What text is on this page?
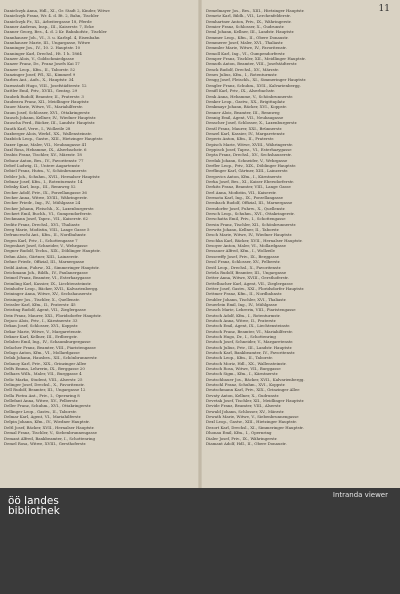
11
Danielczyk Anna, Hdl., XI., Gr. Stadt 2, Kinder, Witwe
Danielczyk Franz, Wr. 4. d. Bt. 2, Bahn, Tischler
Danielczyk Fr., XI., Arbeitergasse 18, Pferde
Danner Andreas, Insp., III., Kaiserstr. 7, Ecke
Danner Georg, Bes., 4. d. 2 Kr. Bahnhofstr., Tischler
Dannhauser Joh., VI., 3. u. Karlspl. 4, Eisenbahn
Dannhauser Marie, III., Ungargasse, Witwe
Danninger Jos., IV., 10. 2. Hauptstr. 10
Danninger Karl, Drechsl., Ht. 1 h. 1864
Danzer Alois, V., Goldschmiedgasse
Danzer Franz, Dr., Franz Josefs Kai 17
Danzer Leop., Kfm., II., Taborstr. 52
Danzinger Josef, Pfl., XI., Kimmerl 9
Darbes Ant., Aufs., X., Hauptstr. 34
Darmstadt Hugo, VIII., Josefstädterstr. 12
Dattler Emil, Priv., XVIII., Gentzg. 29
Daubek Rudolf, Beamter, II., Praterstr. 3
Daubrava Franz, XII., Meidlinger Hauptstr.
Dauer Marie, Witwe, VI., Mariahilferstr.
Daum Josef, Schlosser, XVI., Ottakringerstr.
Dausch Johann, Kellner, IV., Wiedner Hauptstr.
Dauscha Ferd., Bäcker, III., Landstr. Hauptstr.
Dauth Karl, Verw., I., Wollzeile 28
Daxberger Alois, Werkf., XX., Wallensteinstr.
Daxböck Leop., Gastw., XIII., Hietzinger Hauptstr.
Daxer Ignaz, Maler, VII., Neubaugasse 41
Daxl Rosa, Hebamme, IX., Alserbachstr. 6
Deabis Franz, Tischler, XV., Märzstr. 18
Debaur Anton, Bes., IV., Favoritenstr. 77
Debef Ludwig, II., Untere Augartenstr.
Debiel Franz, Hutm., V., Schönbrunnerstr.
Debler Joh., Schuhm., XVII., Hernalser Hauptstr.
Debnar Josef, Kfm., I., Rotenturmstr. 14
Debsky Karl, Insp., III., Rennweg 52
Decker Adolf, Priv., IX., Porzellangasse 36
Decker Anna, Witwe, XVIII., Währingerstr.
Decker Friedr., Ing., IV., Mühlgasse 24
Decker Johann, Fleischh., X., Laxenburgerstr.
Deckert Emil, Buchh., VI., Gumpendorferstr.
Deckmann Josef, Tapez., VII., Kaiserstr. 62
Deditz Franz, Drechsl., XVI., Thaliastr.
Deeg Marie, Modistin, VIII., Lange Gasse 5
Defranceschi Ant., Kfm., II., Nordbahnstr.
Degen Karl, Priv., I., Schottengasse 7
Degenhart Josef, Schneider, V., Wehrgasse
Degner Rudolf, Techn., XIX., Döblinger Hauptstr.
Dehm Alois, Gärtner, XIII., Lainzerstr.
Dehne Friedr., Offizial, III., Marxergasse
Deibl Anton, Fuhrw., XI., Simmeringer Hauptstr.
Deichmann Joh., Bildh., IV., Paulanergasse
Deimel Franz, Beamter, VI., Esterhazygasse
Deimling Karl, Kassier, IX., Liechtensteinstr.
Deinhofer Leop., Bäcker, XVII., Kalvarienbergg.
Deininger Anna, Witwe, XV., Sechshauserstr.
Deisinger Jos., Tischler, X., Quellenstr.
Deissler Karl, Kfm., II., Praterstr. 45
Deisting Rudolf, Agent, VII., Zieglergasse
Deix Franz, Maurer, XXI., Floridsdorfer Hauptstr.
Dejaco Alois, Priv., I., Kärntnerstr. 33
Dekan Josef, Schlosser, XVI., Koppstr.
Dekar Marie, Witwe, V., Margaretenstr.
Dekner Karl, Kellner, III., Erdbergstr.
Delabro Emil, Ing., IV., Schaumburgergasse
Delacher Franz, Beamter, VIII., Piaristengasse
Delago Anton, Kfm., VI., Mollardgasse
Delak Johann, Hausbes., XII., Schönbrunnerstr.
Delanoy Karl, Priv., XIX., Grinzinger Allee
Delfs Emma, Lehrerin, IX., Berggasse 20
Delhaes Wilh., Maler, VII., Burggasse 4
Delic Marko, Student, VIII., Alserstr. 25
Delinger Josef, Drechsl., X., Favoritenstr.
Dell Rudolf, Beamter, III., Ungargasse 12
Della Pietra Ant., Priv., I., Opernring 8
Dellefant Anna, Witwe, XV., Felberstr.
Deller Franz, Schuhm., XVI., Ottakringerstr.
Dellinger Leop., Gastw., II., Taborstr.
Delmar Karl, Agent, VI., Mariahilferstr.
Delpin Johann, Kfm., IV., Wiedner Hauptstr.
Deltl Josef, Bäcker, XVII., Hernalser Hauptstr.
Demal Franz, Tischler, V., Siebenbrunnengasse
Demant Alfred, Bankbeamter, I., Schottenring
Demel Rosa, Witwe, XVIII., Gersthoferstr.
Demelmayer Jos., Bes., XIII., Hietzinger Hauptstr.
Demetz Karl, Bildh., VII., Lerchenfelderstr.
Demhartner Anton, Priv., IX., Währingerstr.
Demier Franz, Schlosser, X., Gudrunstr.
Deml Johann, Kellner, III., Landstr. Hauptstr.
Demmer Leop., Kfm., II., Obere Donaustr.
Demmerer Josef, Maler, XVI., Thaliastr.
Demmler Marie, Witwe, IV., Favoritenstr.
Demoll Karl, Ing., VI., Gumpendorferstr.
Demper Franz, Tischler, XII., Meidlinger Hauptstr.
Demuth Anton, Beamter, VIII., Josefstädterstr.
Denck Rudolf, Drechsl., XV., Märzstr.
Denes Julius, Kfm., I., Rotenturmstr.
Dengg Josef, Fleischh., XI., Simmeringer Hauptstr.
Dengler Franz, Schuhm., XVII., Kalvarienbergg.
Denifl Karl, Priv., IX., Alserbachstr.
Denk Anna, Hebamme, V., Schönbrunnerstr.
Denker Leop., Gastw., XX., Brigittaplatz
Denkmayr Johann, Bäcker, XVI., Koppstr.
Denner Alois, Beamter, III., Rennweg
Dennig Emil, Agent, VII., Neubaugasse
Denscher Josef, Schlosser, X., Laxenburgerstr.
Dentl Franz, Maurer, XXI., Brünnerstr.
Denzel Karl, Kassier, IV., Margaretenstr.
Deperis Anton, Kfm., II., Praterstr.
Depisch Marie, Witwe, XVIII., Währingerstr.
Deppisch Josef, Tapez., VI., Esterhazygasse
Depta Franz, Drechsl., XV., Sechshauserstr.
Derdak Johann, Schneider, V., Wehrgasse
Derfler Leop., Priv., XIX., Döblinger Hauptstr.
Derflinger Karl, Gärtner, XIII., Lainzerstr.
Dergovics Anton, Kfm., I., Kärntnerstr.
Derka Josef, Bes., XI., Kaiser Ebersdorferstr.
Derkits Franz, Beamter, VIII., Lange Gasse
Derl Anna, Modistin, VII., Kaiserstr.
Dermota Karl, Ing., IX., Porzellangasse
Dernbach Rudolf, Offizial, III., Marxergasse
Derndorfer Josef, Fuhrw., X., Quellenstr.
Dersch Leop., Schuhm., XVI., Ottakringerstr.
Derschatta Emil, Priv., I., Schottengasse
Dersin Franz, Tischler, XII., Schönbrunnerstr.
Derwitz Johann, Kellner, II., Taborstr.
Desch Marie, Witwe, IV., Wiedner Hauptstr.
Deschka Karl, Bäcker, XVII., Hernalser Hauptstr.
Desoyer Anton, Maler, VI., Mollardgasse
Dessauer Alfred, Kfm., I., Wollzeile
Dessewffy Josef, Priv., IX., Berggasse
Dessl Franz, Schlosser, XV., Felberstr.
Destl Leop., Drechsl., X., Favoritenstr.
Detela Rudolf, Beamter, III., Ungargasse
Detter Anna, Witwe, XVIII., Gersthoferstr.
Dettelbacher Karl, Agent, VII., Zieglergasse
Detter Josef, Gastw., XXI., Floridsdorfer Hauptstr.
Dettmer Franz, Kfm., II., Nordbahnstr.
Deubler Johann, Tischler, XVI., Thaliastr.
Deuerlein Emil, Ing., IV., Mühlgasse
Deusch Marie, Lehrerin, VIII., Piaristengasse
Deutsch Adolf, Kfm., I., Rotenturmstr.
Deutsch Anna, Witwe, II., Praterstr.
Deutsch Emil, Agent, IX., Liechtensteinstr.
Deutsch Franz, Beamter, VI., Mariahilferstr.
Deutsch Hugo, Dr., I., Schottenring
Deutsch Josef, Schneider, V., Margaretenstr.
Deutsch Julius, Priv., III., Landstr. Hauptstr.
Deutsch Karl, Bankbeamter, IV., Favoritenstr.
Deutsch Leop., Kfm., II., Taborstr.
Deutsch Moriz, Hdl., XX., Wallensteinstr.
Deutsch Rosa, Witwe, VII., Burggasse
Deutsch Sigm., Kfm., I., Kärntnerstr.
Deutschbauer Jos., Bäcker, XVII., Kalvarienbergg.
Deutschl Franz, Schuhm., XVI., Koppstr.
Deutschmann Karl, Priv., XIX., Grinzinger Allee
Devaty Anton, Kellner, X., Gudrunstr.
Devetak Josef, Tischler, XII., Meidlinger Hauptstr.
Devide Franz, Beamter, VIII., Alserstr.
Dewald Johann, Schlosser, XV., Märzstr.
Dewath Marie, Witwe, V., Siebenbrunnengasse
Dexl Leop., Gastw., XIII., Hietzinger Hauptstr.
Dezort Karl, Drechsl., XI., Simmeringer Hauptstr.
Dhonau Emil, Kfm., I., Opernring
Dialer Josef, Priv., IX., Währingerstr.
Diamant Adolf, Hdl., II., Obere Donaustr.
öö landes
bibliothek
Intranda viewer
